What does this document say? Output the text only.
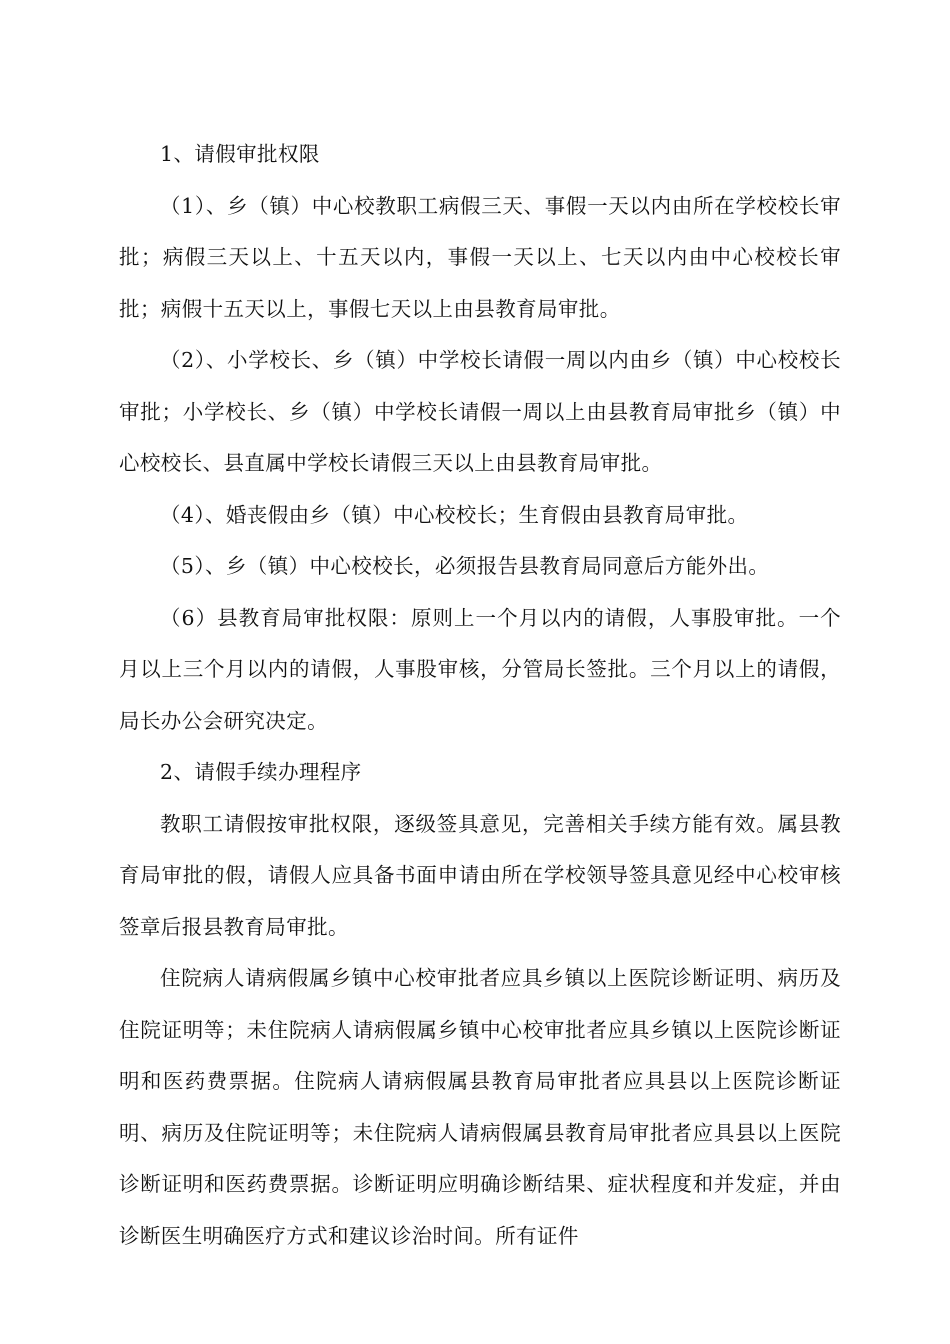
1、请假审批权限

（1）、乡（镇）中心校教职工病假三天、事假一天以内由所在学校校长审批；病假三天以上、十五天以内，事假一天以上、七天以内由中心校校长审批；病假十五天以上，事假七天以上由县教育局审批。

（2）、小学校长、乡（镇）中学校长请假一周以内由乡（镇）中心校校长审批；小学校长、乡（镇）中学校长请假一周以上由县教育局审批乡（镇）中心校校长、县直属中学校长请假三天以上由县教育局审批。

（4）、婚丧假由乡（镇）中心校校长；生育假由县教育局审批。

（5）、乡（镇）中心校校长，必须报告县教育局同意后方能外出。

（6）县教育局审批权限：原则上一个月以内的请假，人事股审批。一个月以上三个月以内的请假，人事股审核，分管局长签批。三个月以上的请假，局长办公会研究决定。

2、请假手续办理程序

教职工请假按审批权限，逐级签具意见，完善相关手续方能有效。属县教育局审批的假，请假人应具备书面申请由所在学校领导签具意见经中心校审核签章后报县教育局审批。

住院病人请病假属乡镇中心校审批者应具乡镇以上医院诊断证明、病历及住院证明等；未住院病人请病假属乡镇中心校审批者应具乡镇以上医院诊断证明和医药费票据。住院病人请病假属县教育局审批者应具县以上医院诊断证明、病历及住院证明等；未住院病人请病假属县教育局审批者应具县以上医院诊断证明和医药费票据。诊断证明应明确诊断结果、症状程度和并发症，并由诊断医生明确医疗方式和建议诊治时间。所有证件
